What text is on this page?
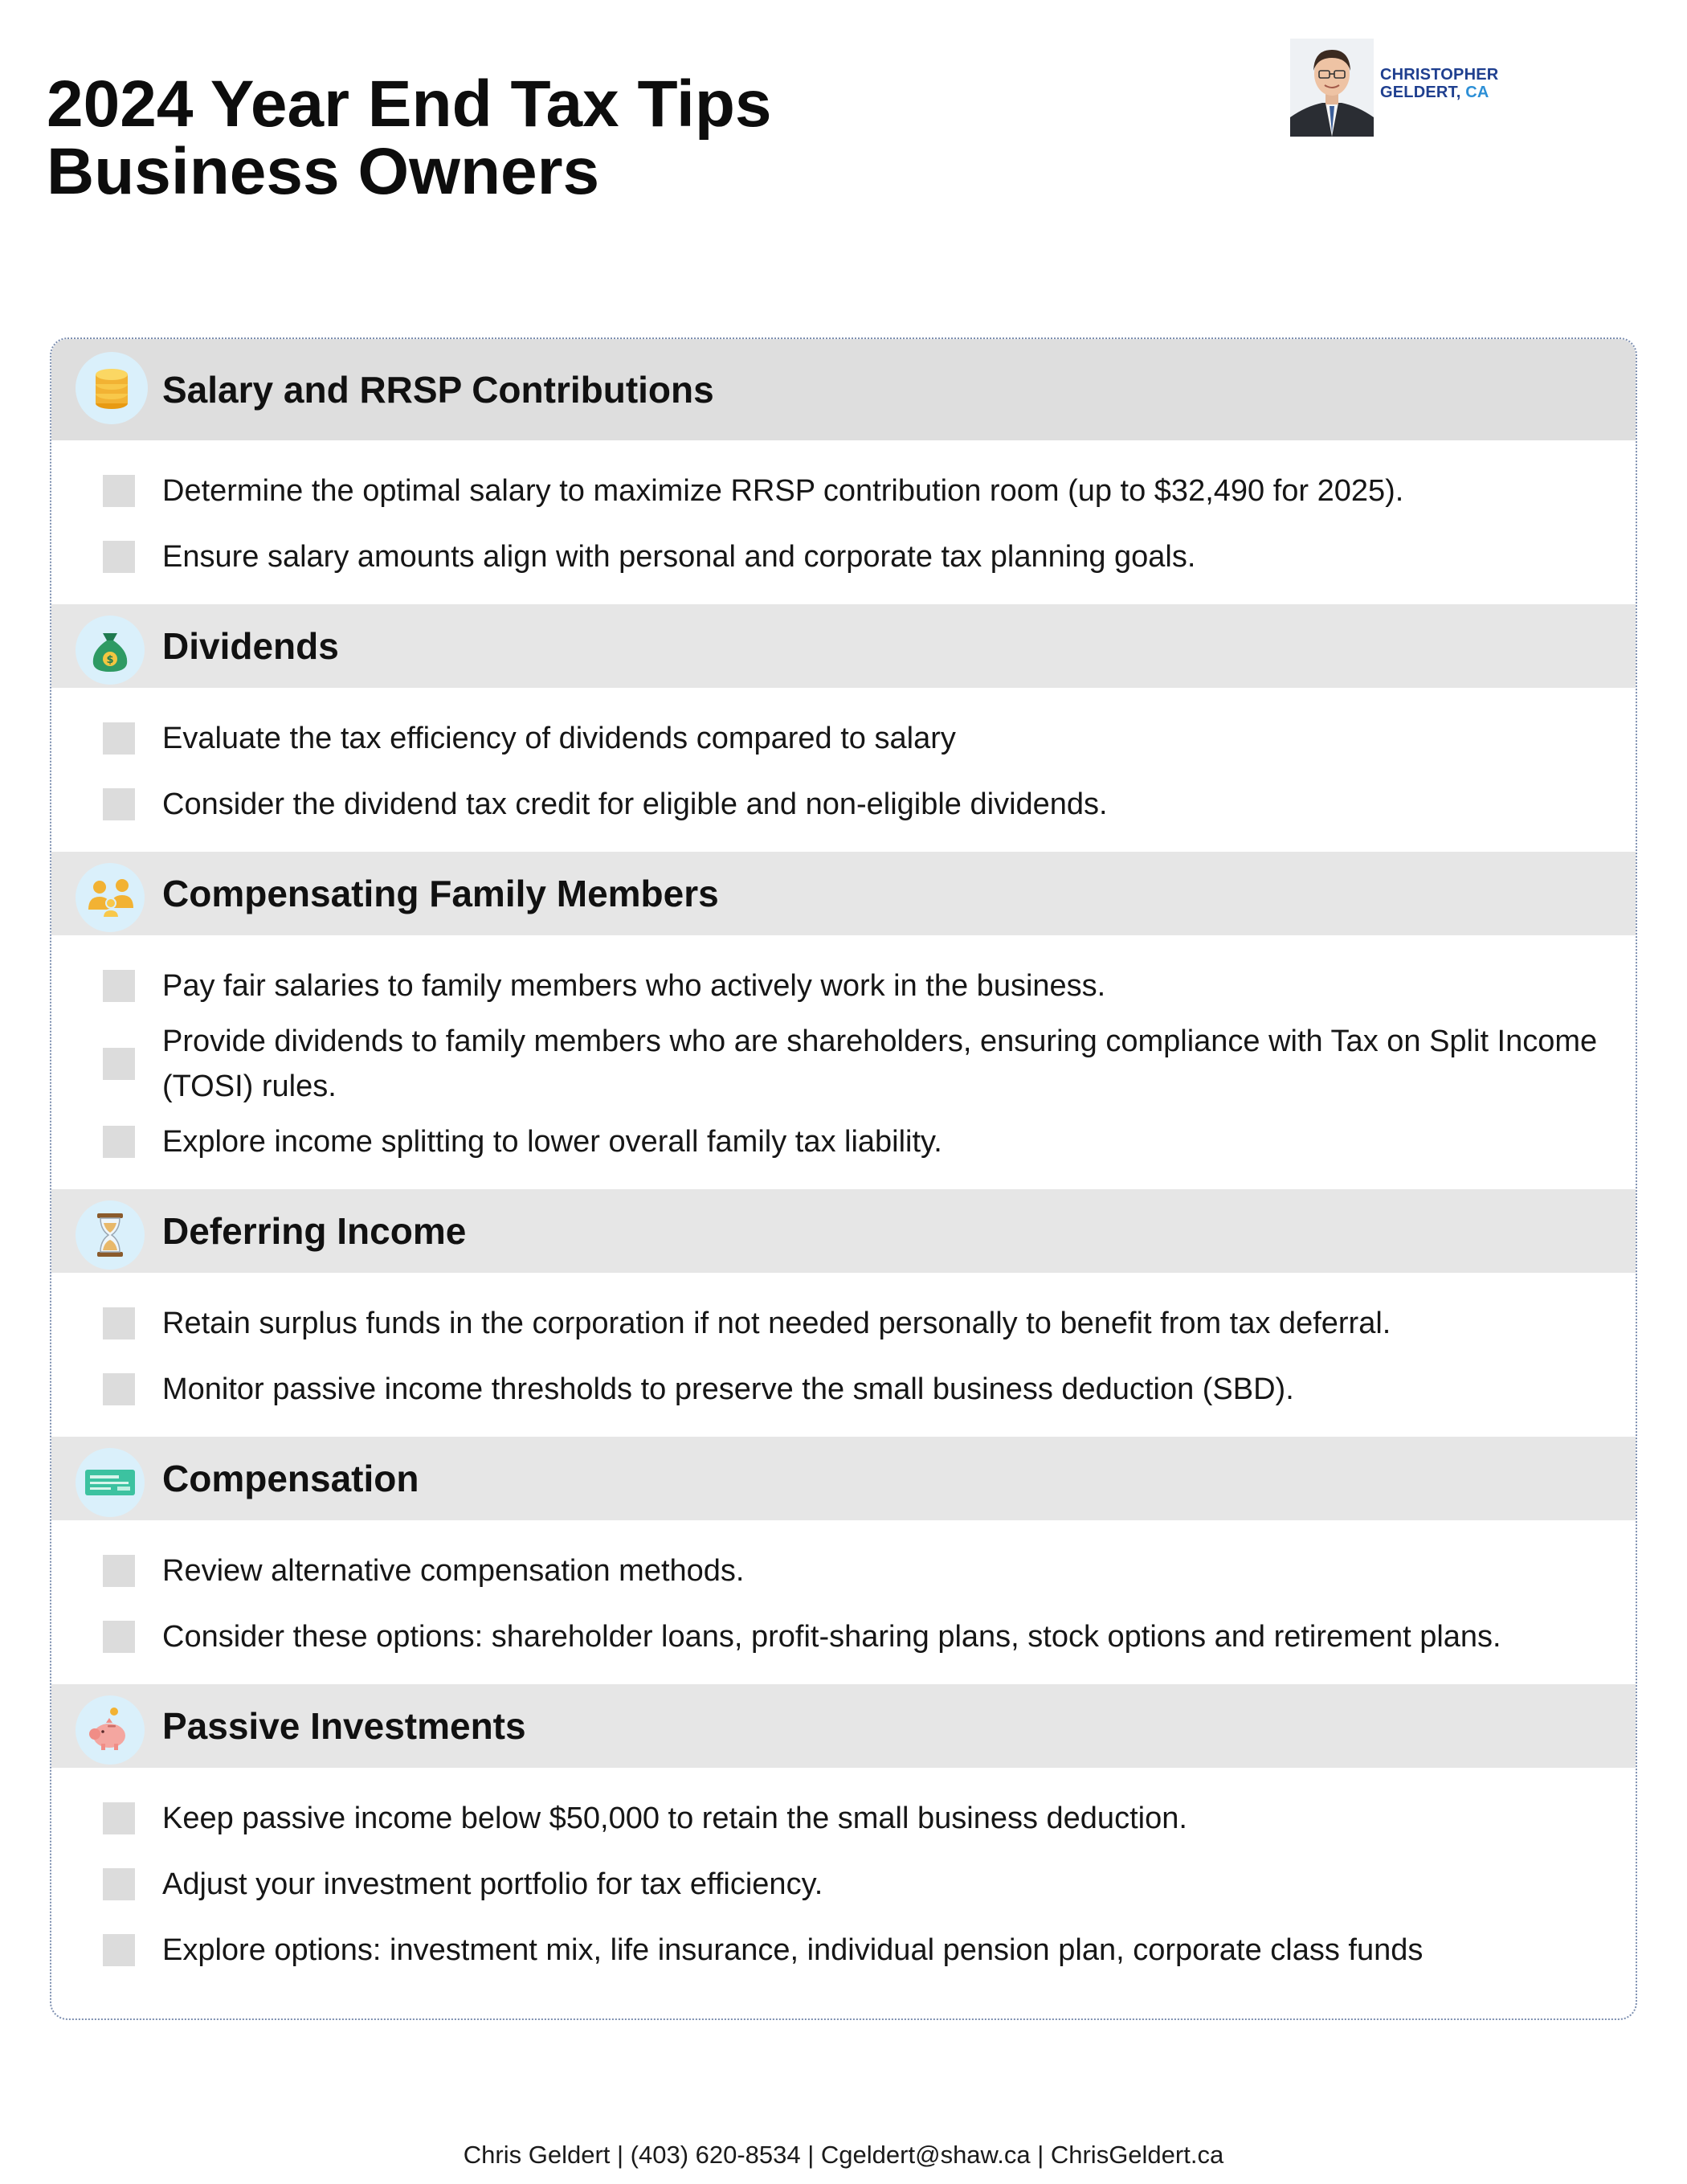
2024 Year End Tax Tips
Business Owners
CHRISTOPHER
GELDERT, CA
Salary and RRSP Contributions
Determine the optimal salary to maximize RRSP contribution room (up to $32,490 for 2025).
Ensure salary amounts align with personal and corporate tax planning goals.
$ Dividends
Evaluate the tax efficiency of dividends compared to salary
Consider the dividend tax credit for eligible and non-eligible dividends.
Compensating Family Members
Pay fair salaries to family members who actively work in the business.
Provide dividends to family members who are shareholders, ensuring compliance with Tax on Split Income (TOSI) rules.
Explore income splitting to lower overall family tax liability.
Deferring Income
Retain surplus funds in the corporation if not needed personally to benefit from tax deferral.
Monitor passive income thresholds to preserve the small business deduction (SBD).
Compensation
Review alternative compensation methods.
Consider these options: shareholder loans, profit-sharing plans, stock options and retirement plans.
Passive Investments
Keep passive income below $50,000 to retain the small business deduction.
Adjust your investment portfolio for tax efficiency.
Explore options: investment mix, life insurance, individual pension plan, corporate class funds
Chris Geldert | (403) 620-8534 | Cgeldert@shaw.ca | ChrisGeldert.ca
